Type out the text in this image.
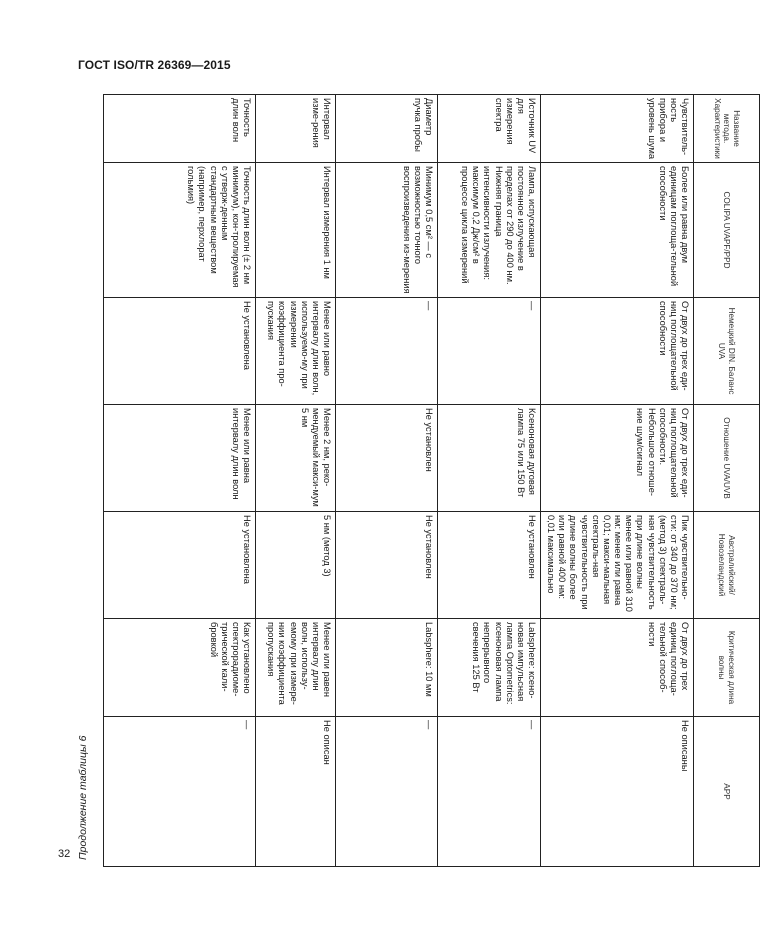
ГОСТ ISO/TR 26369—2015
32 Продолжение таблицы 6
Название метода. Характеристики	COLIPA UVAPF/PPD	Немецкий DIN. Баланс UVA	Отношение UVA/UVB	Австралийский/ Новозеландский	Критическая длина волны	APP
Чувствитель-ность прибора и уровень шума	Более или равна двум единицам поглоща-тельной способности	От двух до трех еди-ниц поглощательной способности	От двух до трех еди-ниц поглощательной способности. Небольшое отноше-ние шум/сигнал	Пик чувствительно-сти: от 340 до 370 нм; (метод 3) спектраль-ная чувствительность при длине волны менее или равной 310 нм: менее или равна 0,01; макси-мальная спектраль-ная чувствительность при длине волны более или равной 400 нм: 0,01 максимально	От двух до трех единиц поглоща-тельной способ-ности	Не описаны
Источник UV для измерения спектра	Лампа, испускающая постоянное излучение в пределах от 290 до 400 нм. Нижняя граница интенсивности излучения: максимум 0,2 Дж/см² в процессе цикла измерений	—	Ксеноновая дуговая лампа 75 или 150 Вт	Не установлен	Labsphere: ксено-новая импульсная лампа Optometrics: ксеноновая лампа непрерывного свечения 125 Вт	—
Диаметр пучка пробы	Минимум 0,5 см² — с возможностью точного воспроизведения из-мерения	—	Не установлен	Не установлен	Labsphere: 10 мм	—
Интервал изме-рения	Интервал измерения 1 нм	Менее или равно интервалу длин волн, используемо-му при измерении коэффициента про-пускания	Менее 2 нм, реко-мендуемый макси-мум 5 нм	5 нм (метод 3)	Менее или равен интервалу длин волн, использу-емому при измере-нии коэффициента пропускания	Не описан
Точность длин волн	Точность длин волн (± 2 нм минимум), кон-тролируемая с утверж-денным стандартным веществом (например, перхлорат гольмия)	Не установлена	Менее или равна интервалу длин волн	Не установлена	Как установлено спектрорадиоме-трической кали-бровкой	—
